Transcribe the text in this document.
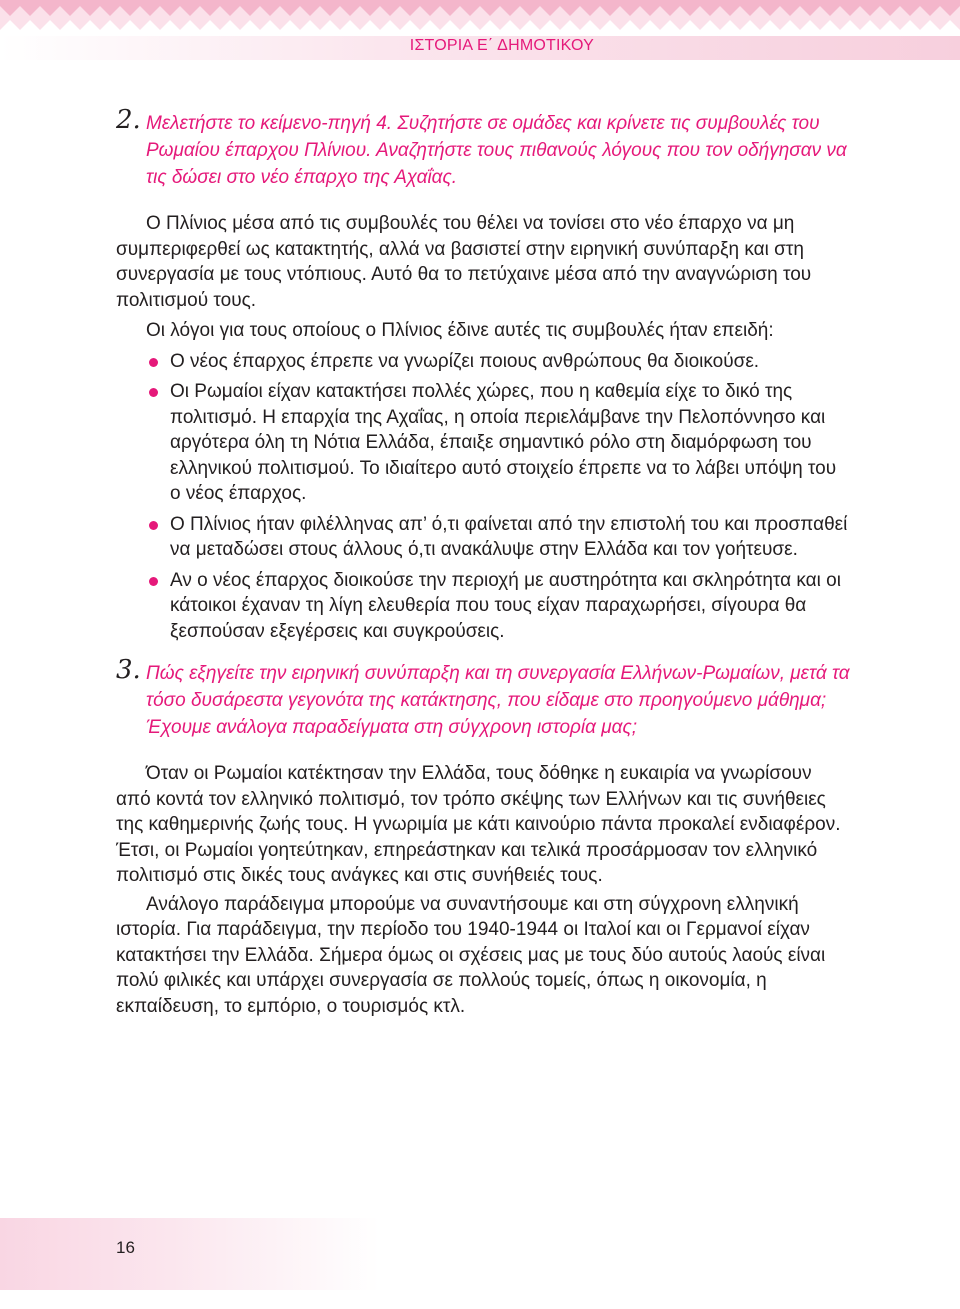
ΙΣΤΟΡΙΑ Ε΄ ΔΗΜΟΤΙΚΟΥ
2. Μελετήστε το κείμενο-πηγή 4. Συζητήστε σε ομάδες και κρίνετε τις συμβουλές του Ρωμαίου έπαρχου Πλίνιου. Αναζητήστε τους πιθανούς λόγους που τον οδήγησαν να τις δώσει στο νέο έπαρχο της Αχαΐας.

Ο Πλίνιος μέσα από τις συμβουλές του θέλει να τονίσει στο νέο έπαρχο να μη συμπεριφερθεί ως κατακτητής, αλλά να βασιστεί στην ειρηνική συνύπαρξη και στη συνεργασία με τους ντόπιους. Αυτό θα το πετύχαινε μέσα από την αναγνώριση του πολιτισμού τους.

Οι λόγοι για τους οποίους ο Πλίνιος έδινε αυτές τις συμβουλές ήταν επειδή:

Ο νέος έπαρχος έπρεπε να γνωρίζει ποιους ανθρώπους θα διοικούσε.
Οι Ρωμαίοι είχαν κατακτήσει πολλές χώρες, που η καθεμία είχε το δικό της πολιτισμό. Η επαρχία της Αχαΐας, η οποία περιελάμβανε την Πελοπόννησο και αργότερα όλη τη Νότια Ελλάδα, έπαιξε σημαντικό ρόλο στη διαμόρφωση του ελληνικού πολιτισμού. Το ιδιαίτερο αυτό στοιχείο έπρεπε να το λάβει υπόψη του ο νέος έπαρχος.
Ο Πλίνιος ήταν φιλέλληνας απ’ ό,τι φαίνεται από την επιστολή του και προσπαθεί να μεταδώσει στους άλλους ό,τι ανακάλυψε στην Ελλάδα και τον γοήτευσε.
Αν ο νέος έπαρχος διοικούσε την περιοχή με αυστηρότητα και σκληρότητα και οι κάτοικοι έχαναν τη λίγη ελευθερία που τους είχαν παραχωρήσει, σίγουρα θα ξεσπούσαν εξεγέρσεις και συγκρούσεις.
3. Πώς εξηγείτε την ειρηνική συνύπαρξη και τη συνεργασία Ελλήνων-Ρωμαίων, μετά τα τόσο δυσάρεστα γεγονότα της κατάκτησης, που είδαμε στο προηγούμενο μάθημα; Έχουμε ανάλογα παραδείγματα στη σύγχρονη ιστορία μας;

Όταν οι Ρωμαίοι κατέκτησαν την Ελλάδα, τους δόθηκε η ευκαιρία να γνωρίσουν από κοντά τον ελληνικό πολιτισμό, τον τρόπο σκέψης των Ελλήνων και τις συνήθειες της καθημερινής ζωής τους. Η γνωριμία με κάτι καινούριο πάντα προκαλεί ενδιαφέρον. Έτσι, οι Ρωμαίοι γοητεύτηκαν, επηρεάστηκαν και τελικά προσάρμοσαν τον ελληνικό πολιτισμό στις δικές τους ανάγκες και στις συνήθειές τους.

Ανάλογο παράδειγμα μπορούμε να συναντήσουμε και στη σύγχρονη ελληνική ιστορία. Για παράδειγμα, την περίοδο του 1940-1944 οι Ιταλοί και οι Γερμανοί είχαν κατακτήσει την Ελλάδα. Σήμερα όμως οι σχέσεις μας με τους δύο αυτούς λαούς είναι πολύ φιλικές και υπάρχει συνεργασία σε πολλούς τομείς, όπως η οικονομία, η εκπαίδευση, το εμπόριο, ο τουρισμός κτλ.

16
